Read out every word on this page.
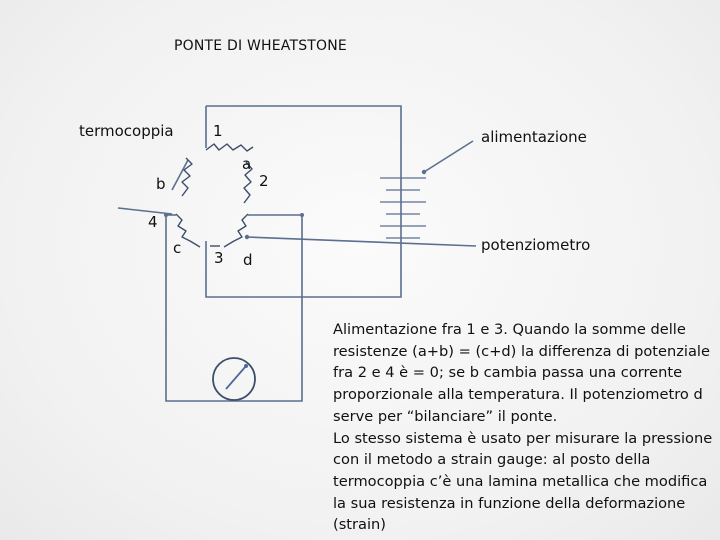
PONTE DI WHEATSTONE
termocoppia	1	alimentazione
a
b	2
4
c
3 d
potenziometro

Alimentazione fra 1 e 3. Quando la somme delle resistenze (a+b) = (c+d) la differenza di potenziale fra 2 e 4 è = 0; se b cambia passa una corrente proporzionale alla temperatura. Il potenziometro d serve per “bilanciare” il ponte.

Lo stesso sistema è usato per misurare la pressione con il metodo a strain gauge: al posto della termocoppia c’è una lamina metallica che modifica la sua resistenza in funzione della deformazione (strain)
